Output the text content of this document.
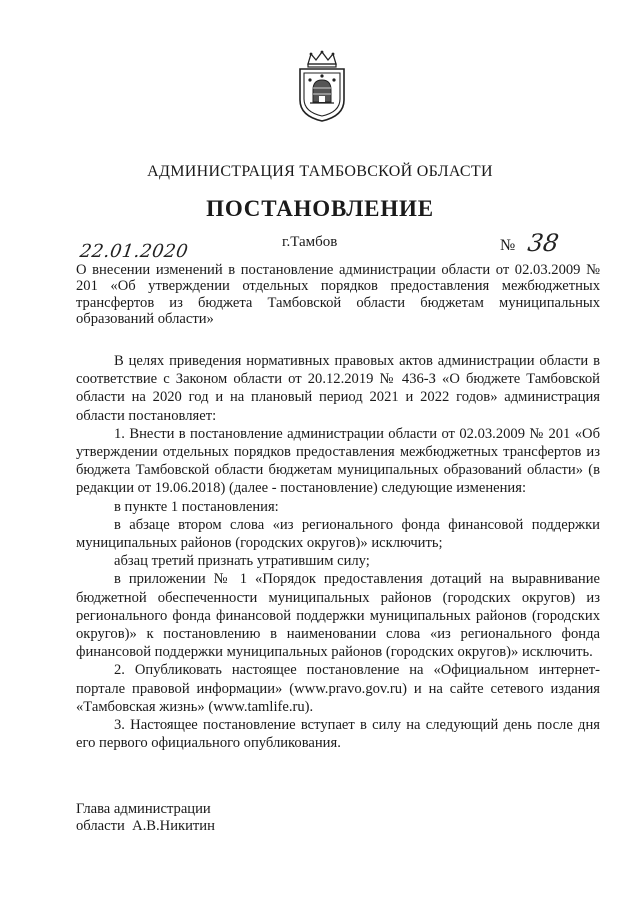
АДМИНИСТРАЦИЯ ТАМБОВСКОЙ ОБЛАСТИ
ПОСТАНОВЛЕНИЕ
22.01.2020	г.Тамбов	№ 38
О внесении изменений в постановление администрации области от 02.03.2009 № 201 «Об утверждении отдельных порядков предоставления межбюджетных трансфертов из бюджета Тамбовской области бюджетам муниципальных образований области»

В целях приведения нормативных правовых актов администрации области в соответствие с Законом области от 20.12.2019 № 436-З «О бюджете Тамбовской области на 2020 год и на плановый период 2021 и 2022 годов» администрация области постановляет:

1. Внести в постановление администрации области от 02.03.2009 № 201 «Об утверждении отдельных порядков предоставления межбюджетных трансфертов из бюджета Тамбовской области бюджетам муниципальных образований области» (в редакции от 19.06.2018) (далее - постановление) следующие изменения:

в пункте 1 постановления:

в абзаце втором слова «из регионального фонда финансовой поддержки муниципальных районов (городских округов)» исключить;

абзац третий признать утратившим силу;

в приложении № 1 «Порядок предоставления дотаций на выравнивание бюджетной обеспеченности муниципальных районов (городских округов) из регионального фонда финансовой поддержки муниципальных районов (городских округов)» к постановлению в наименовании слова «из регионального фонда финансовой поддержки муниципальных районов (городских округов)» исключить.

2. Опубликовать настоящее постановление на «Официальном интернет-портале правовой информации» (www.pravo.gov.ru) и на сайте сетевого издания «Тамбовская жизнь» (www.tamlife.ru).

3. Настоящее постановление вступает в силу на следующий день после дня его первого официального опубликования.

Глава администрации
области  А.В.Никитин
